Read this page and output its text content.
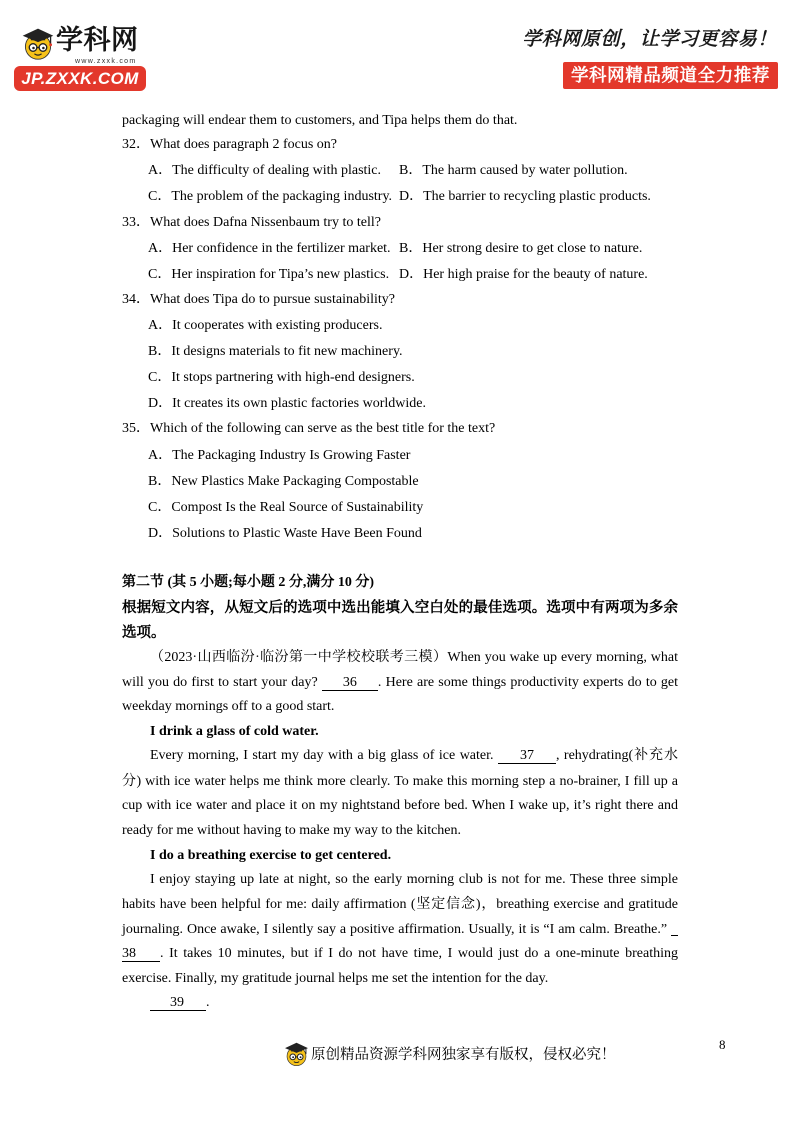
学科网
www.zxxk.com
JP.ZXXK.COM
学科网原创，让学习更容易！
学科网精品频道全力推荐
packaging will endear them to customers, and Tipa helps them do that.
32．What does paragraph 2 focus on?
A．The difficulty of dealing with plastic. B．The harm caused by water pollution.
C．The problem of the packaging industry. D．The barrier to recycling plastic products.
33．What does Dafna Nissenbaum try to tell?
A．Her confidence in the fertilizer market. B．Her strong desire to get close to nature.
C．Her inspiration for Tipa’s new plastics. D．Her high praise for the beauty of nature.
34．What does Tipa do to pursue sustainability?
A．It cooperates with existing producers.
B．It designs materials to fit new machinery.
C．It stops partnering with high-end designers.
D．It creates its own plastic factories worldwide.
35．Which of the following can serve as the best title for the text?
A．The Packaging Industry Is Growing Faster
B．New Plastics Make Packaging Compostable
C．Compost Is the Real Source of Sustainability
D．Solutions to Plastic Waste Have Been Found
第二节 (其 5 小题;每小题 2 分,满分 10 分)
根据短文内容，从短文后的选项中选出能填入空白处的最佳选项。选项中有两项为多余选项。
（2023·山西临汾·临汾第一中学校校联考三模）When you wake up every morning, what
will you do first to start your day? 36 . Here are some things productivity experts do to get
weekday mornings off to a good start.
I drink a glass of cold water.
Every morning, I start my day with a big glass of ice water. 37 , rehydrating(补充水
分) with ice water helps me think more clearly. To make this morning step a no-brainer, I fill up a
cup with ice water and place it on my nightstand before bed. When I wake up, it’s right there and
ready for me without having to make my way to the kitchen.
I do a breathing exercise to get centered.
I enjoy staying up late at night, so the early morning club is not for me. These three simple
habits have been helpful for me: daily affirmation (坚定信念)，breathing exercise and gratitude
journaling. Once awake, I silently say a positive affirmation. Usually, it is “I am calm. Breathe.”
38 . It takes 10 minutes, but if I do not have time, I would just do a one-minute breathing
exercise. Finally, my gratitude journal helps me set the intention for the day.
39 .
8
原创精品资源学科网独家享有版权，侵权必究！
